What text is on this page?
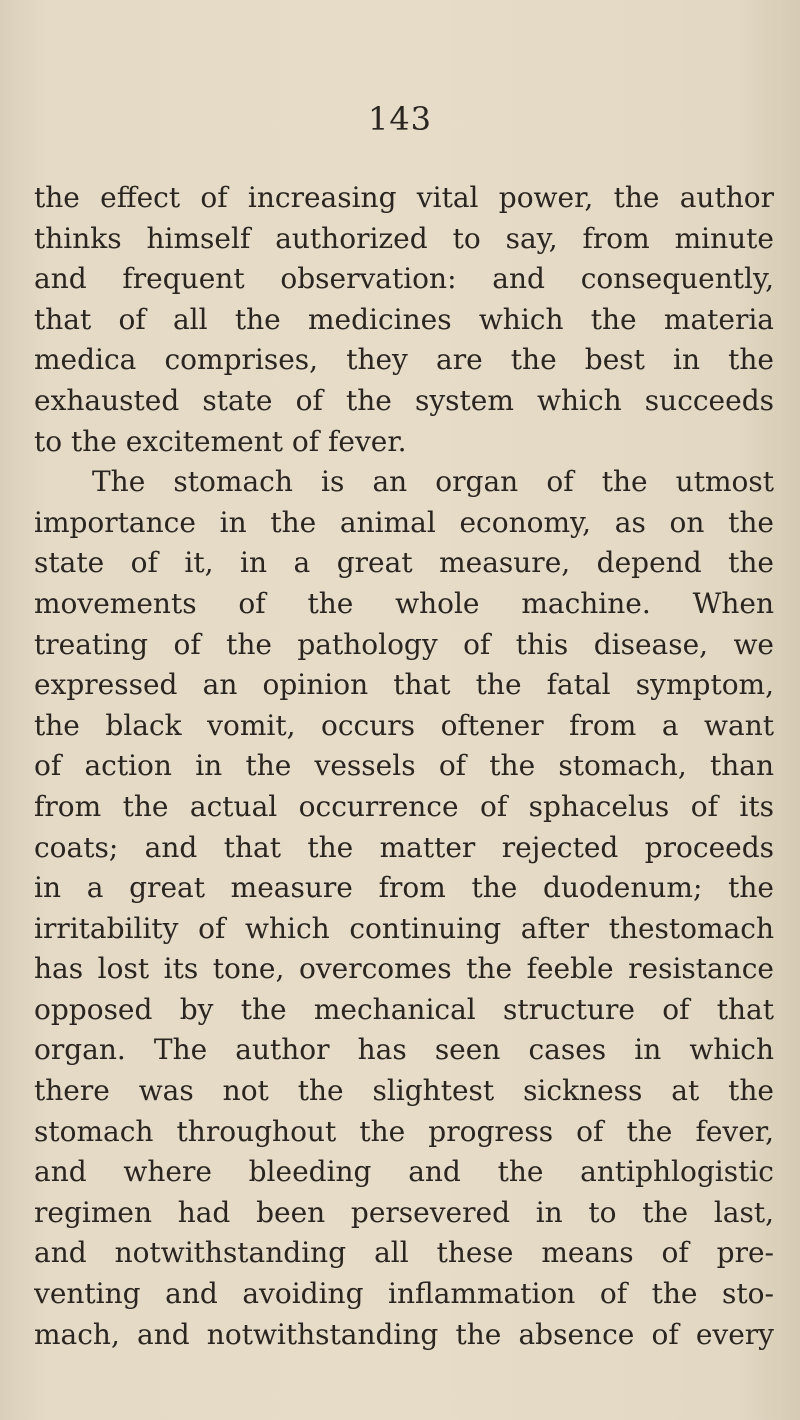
143
the effect of increasing vital power, the author
thinks himself authorized to say, from minute
and frequent observation: and consequently,
that of all the medicines which the materia
medica comprises, they are the best in the
exhausted state of the system which succeeds
to the excitement of fever.
The stomach is an organ of the utmost
importance in the animal economy, as on the
state of it, in a great measure, depend the
movements of the whole machine. When
treating of the pathology of this disease, we
expressed an opinion that the fatal symptom,
the black vomit, occurs oftener from a want
of action in the vessels of the stomach, than
from the actual occurrence of sphacelus of its
coats; and that the matter rejected proceeds
in a great measure from the duodenum; the
irritability of which continuing after thestomach
has lost its tone, overcomes the feeble resistance
opposed by the mechanical structure of that
organ. The author has seen cases in which
there was not the slightest sickness at the
stomach throughout the progress of the fever,
and where bleeding and the antiphlogistic
regimen had been persevered in to the last,
and notwithstanding all these means of pre-
venting and avoiding inflammation of the sto-
mach, and notwithstanding the absence of every
